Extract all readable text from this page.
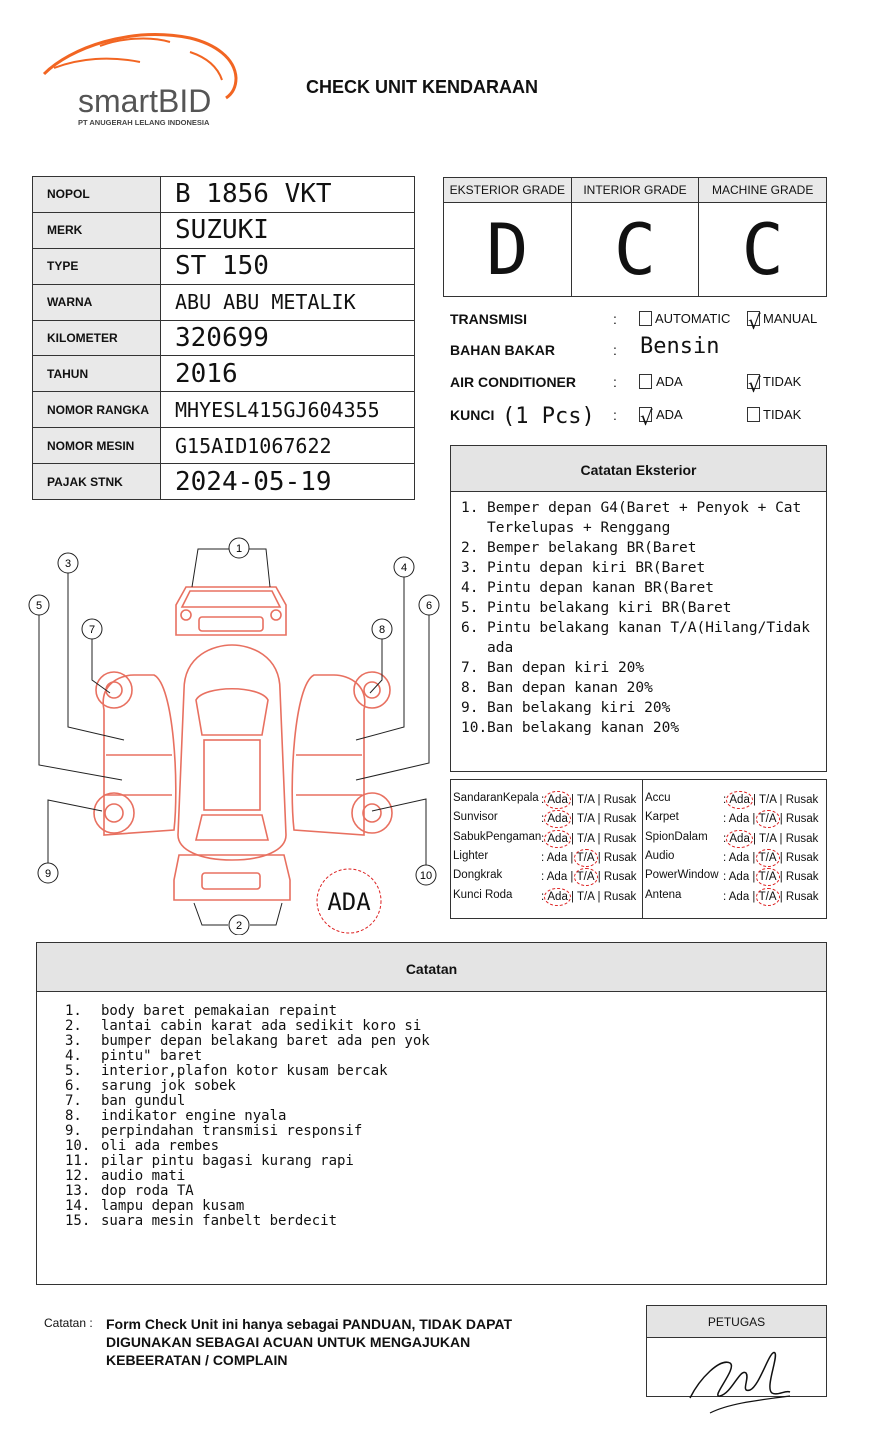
smartBID
PT ANUGERAH LELANG INDONESIA
CHECK UNIT KENDARAAN
NOPOL	B 1856 VKT
MERK	SUZUKI
TYPE	ST 150
WARNA	ABU ABU METALIK
KILOMETER	320699
TAHUN	2016
NOMOR RANGKA	MHYESL415GJ604355
NOMOR MESIN	G15AID1067622
PAJAK STNK	2024-05-19
EKSTERIOR GRADE
D
INTERIOR GRADE
C
MACHINE GRADE
C
TRANSMISI	:	AUTOMATIC √ MANUAL
BAHAN BAKAR	: Bensin
AIR CONDITIONER	:	ADA	√ TIDAK
KUNCI (1 Pcs) : √ ADA	TIDAK
Catatan Eksterior
1. Bemper depan G4(Baret + Penyok + Cat Terkelupas + Renggang
2. Bemper belakang BR(Baret
3. Pintu depan kiri BR(Baret
4. Pintu depan kanan BR(Baret
5. Pintu belakang kiri BR(Baret
6. Pintu belakang kanan T/A(Hilang/Tidak ada
7. Ban depan kiri 20%
8. Ban depan kanan 20%
9. Ban belakang kiri 20%
10. Ban belakang kanan 20%
SandaranKepala : Ada | T/A | Rusak
Sunvisor	: Ada | T/A | Rusak
SabukPengaman : Ada | T/A | Rusak
Lighter	: Ada | T/A | Rusak
Dongkrak	: Ada | T/A | Rusak
Kunci Roda : Ada | T/A | Rusak
Accu	: Ada | T/A | Rusak
Karpet	: Ada | T/A | Rusak
SpionDalam : Ada | T/A | Rusak
Audio	: Ada | T/A | Rusak
PowerWindow : Ada | T/A | Rusak
Antena	: Ada | T/A | Rusak
1
2
3	4
5	6
7	8
9	10
ADA
Catatan
1.	body baret pemakaian repaint
2.	lantai cabin karat ada sedikit koro si
3.	bumper depan belakang baret ada pen yok
4.	pintu" baret
5.	interior,plafon kotor kusam bercak
6.	sarung jok sobek
7.	ban gundul
8.	indikator engine nyala
9.	perpindahan transmisi responsif
10. oli ada rembes
11. pilar pintu bagasi kurang rapi
12. audio mati
13. dop roda TA
14. lampu depan kusam
15. suara mesin fanbelt berdecit
Catatan : Form Check Unit ini hanya sebagai PANDUAN, TIDAK DAPAT DIGUNAKAN SEBAGAI ACUAN UNTUK MENGAJUKAN KEBEERATAN / COMPLAIN
PETUGAS
